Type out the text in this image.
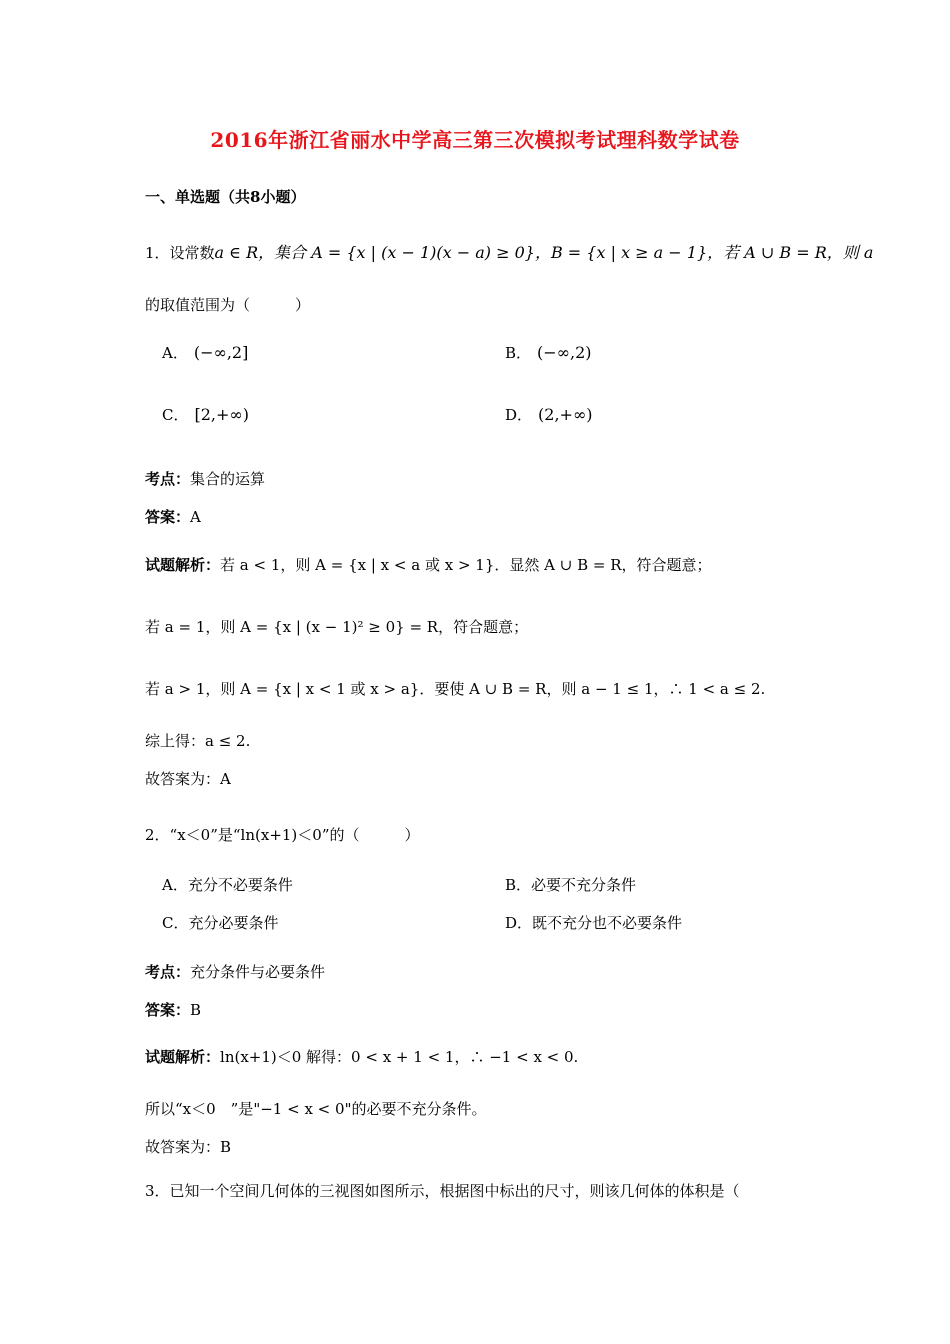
2016年浙江省丽水中学高三第三次模拟考试理科数学试卷
一、单选题（共8小题）
1．设常数a ∈ R，集合 A = {x | (x − 1)(x − a) ≥ 0}，B = {x | x ≥ a − 1}，若 A ∪ B = R，则 a
的取值范围为（　　　）
A． (−∞,2]	B． (−∞,2)
C． [2,+∞)	D． (2,+∞)
考点：集合的运算
答案：A
试题解析：若 a < 1，则 A = {x | x < a 或 x > 1}．显然 A ∪ B = R，符合题意；
若 a = 1，则 A = {x | (x − 1)² ≥ 0} = R，符合题意；
若 a > 1，则 A = {x | x < 1 或 x > a}．要使 A ∪ B = R，则 a − 1 ≤ 1，∴ 1 < a ≤ 2.
综上得：a ≤ 2.
故答案为：A
2．“x＜0”是“ln(x+1)＜0”的（　　　）
A．充分不必要条件	B．必要不充分条件
C．充分必要条件	D．既不充分也不必要条件
考点：充分条件与必要条件
答案：B
试题解析：ln(x+1)＜0 解得：0 < x + 1 < 1，∴ −1 < x < 0.
所以“x＜0　”是"−1 < x < 0"的必要不充分条件。
故答案为：B
3．已知一个空间几何体的三视图如图所示，根据图中标出的尺寸，则该几何体的体积是（
